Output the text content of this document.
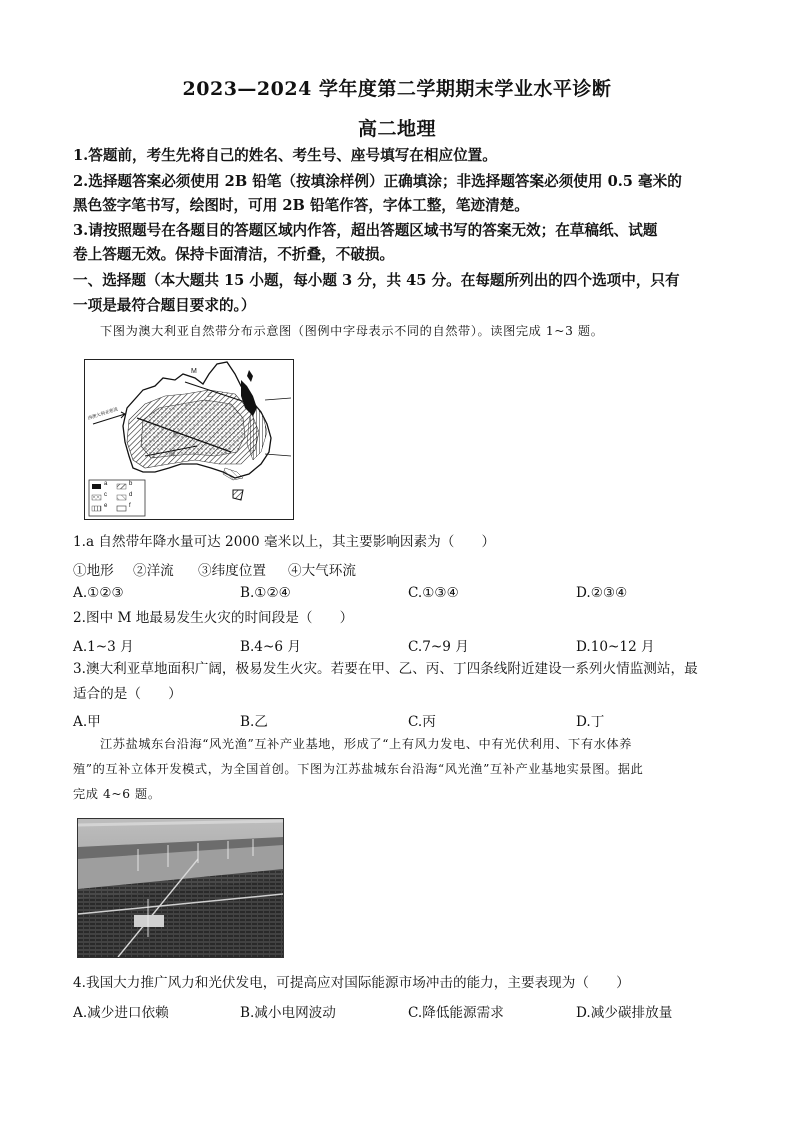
2023—2024 学年度第二学期期末学业水平诊断
高二地理
1.答题前，考生先将自己的姓名、考生号、座号填写在相应位置。
2.选择题答案必须使用 2B 铅笔（按填涂样例）正确填涂；非选择题答案必须使用 0.5 毫米的
黑色签字笔书写，绘图时，可用 2B 铅笔作答，字体工整，笔迹清楚。
3.请按照题号在各题目的答题区域内作答，超出答题区域书写的答案无效；在草稿纸、试题
卷上答题无效。保持卡面清洁，不折叠，不破损。
一、选择题（本大题共 15 小题，每小题 3 分，共 45 分。在每题所列出的四个选项中，只有
一项是最符合题目要求的。）
下图为澳大利亚自然带分布示意图（图例中字母表示不同的自然带）。读图完成 1~3 题。
M
甲
乙
丙	丁
西澳大利亚寒流
a	b
c	d
e	f
1.a 自然带年降水量可达 2000 毫米以上，其主要影响因素为（　　）
①地形 ②洋流 ③纬度位置 ④大气环流
A.①②③	B.①②④	C.①③④	D.②③④
2.图中 M 地最易发生火灾的时间段是（　　）
A.1~3 月	B.4~6 月	C.7~9 月	D.10~12 月
3.澳大利亚草地面积广阔，极易发生火灾。若要在甲、乙、丙、丁四条线附近建设一系列火情监测站，最
适合的是（　　）
A.甲	B.乙	C.丙	D.丁
江苏盐城东台沿海“风光渔”互补产业基地，形成了“上有风力发电、中有光伏利用、下有水体养
殖”的互补立体开发模式，为全国首创。下图为江苏盐城东台沿海“风光渔”互补产业基地实景图。据此
完成 4~6 题。
4.我国大力推广风力和光伏发电，可提高应对国际能源市场冲击的能力，主要表现为（　　）
A.减少进口依赖	B.减小电网波动	C.降低能源需求	D.减少碳排放量
